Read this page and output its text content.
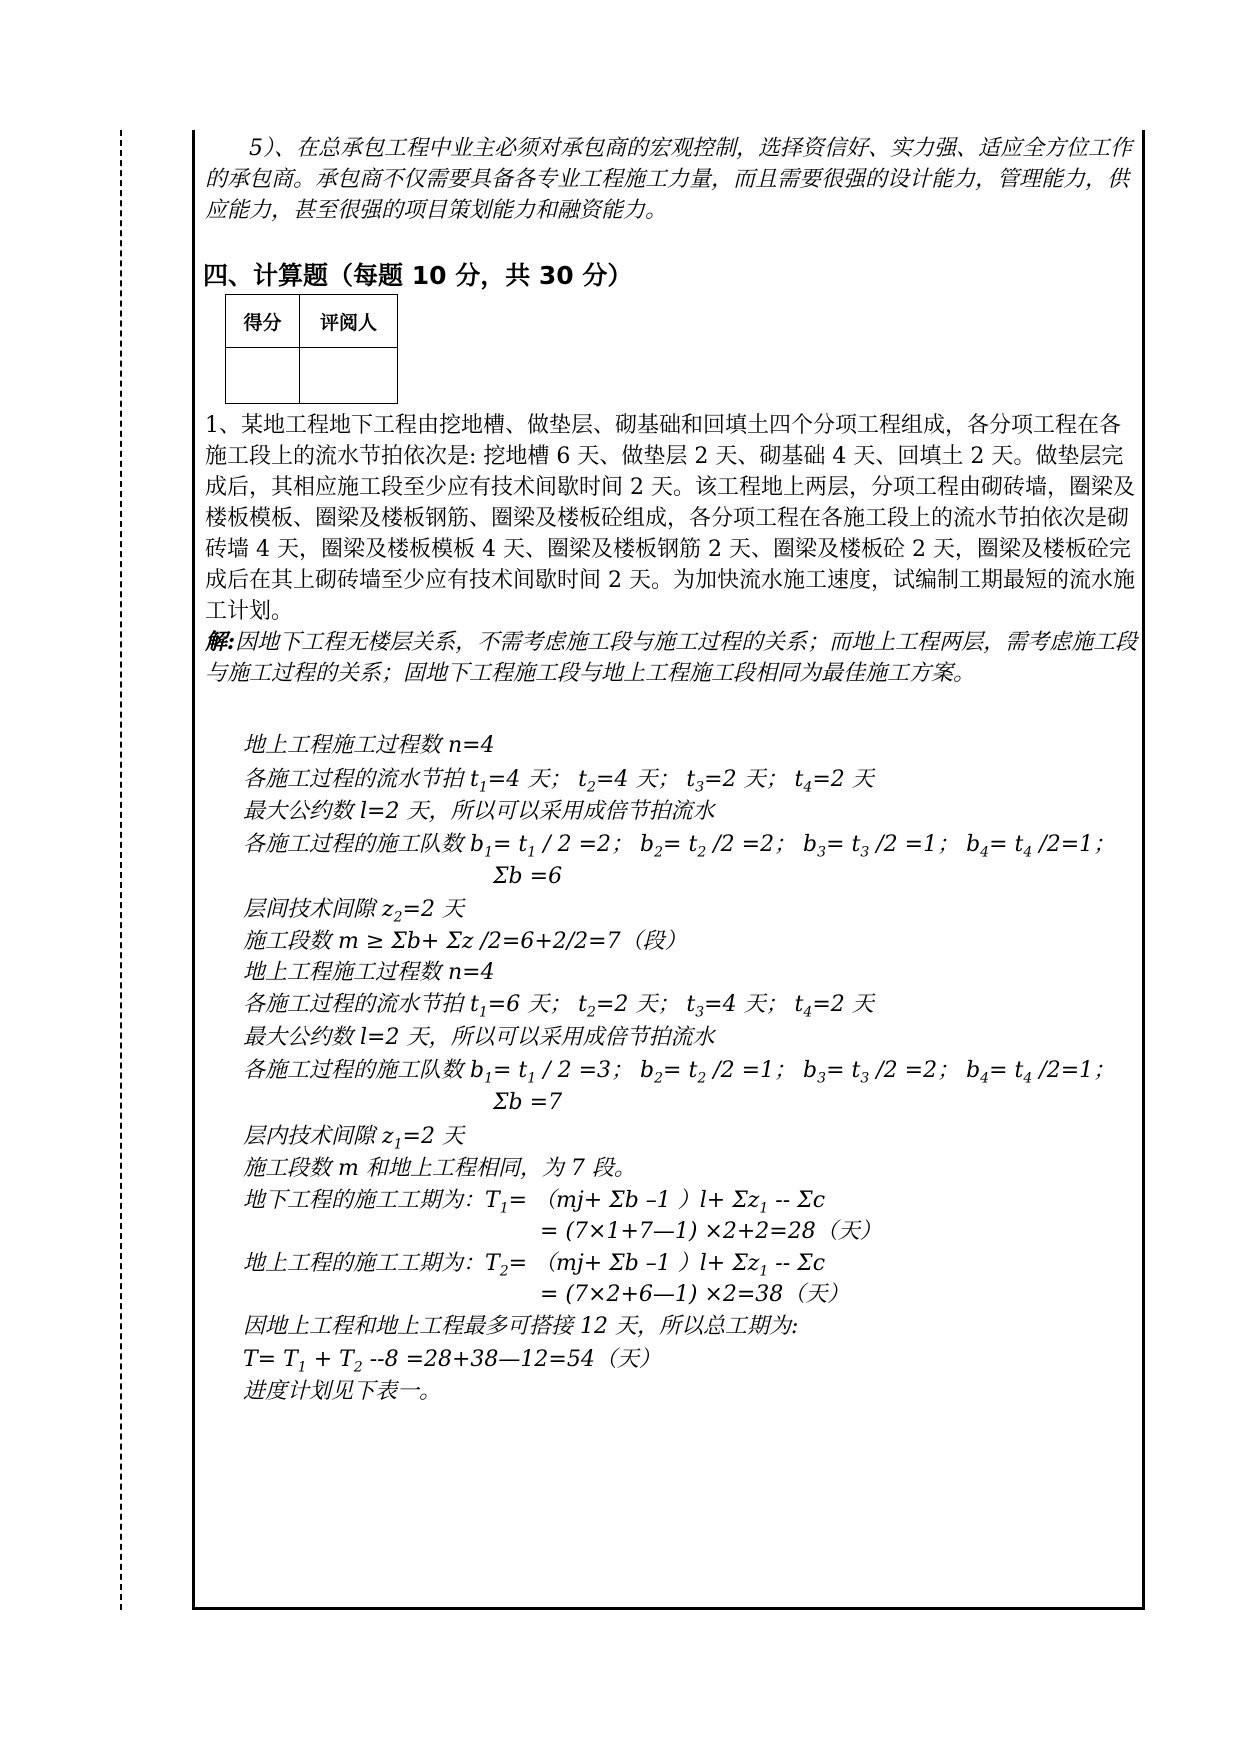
5）、在总承包工程中业主必须对承包商的宏观控制，选择资信好、实力强、适应全方位工作的承包商。承包商不仅需要具备各专业工程施工力量，而且需要很强的设计能力，管理能力，供应能力，甚至很强的项目策划能力和融资能力。

四、计算题（每题 10 分，共 30 分）
得分	评阅人

1、某地工程地下工程由挖地槽、做垫层、砌基础和回填土四个分项工程组成，各分项工程在各施工段上的流水节拍依次是: 挖地槽 6 天、做垫层 2 天、砌基础 4 天、回填土 2 天。做垫层完成后，其相应施工段至少应有技术间歇时间 2 天。该工程地上两层，分项工程由砌砖墙，圈梁及楼板模板、圈梁及楼板钢筋、圈梁及楼板砼组成，各分项工程在各施工段上的流水节拍依次是砌砖墙 4 天，圈梁及楼板模板 4 天、圈梁及楼板钢筋 2 天、圈梁及楼板砼 2 天，圈梁及楼板砼完成后在其上砌砖墙至少应有技术间歇时间 2 天。为加快流水施工速度，试编制工期最短的流水施工计划。

解:因地下工程无楼层关系，不需考虑施工段与施工过程的关系；而地上工程两层，需考虑施工段与施工过程的关系；固地下工程施工段与地上工程施工段相同为最佳施工方案。

地上工程施工过程数 n=4

各施工过程的流水节拍 $t_1=4$ 天； $t_2=4$ 天； $t_3=2$ 天； $t_4=2$ 天

最大公约数 l=2 天，所以可以采用成倍节拍流水

各施工过程的施工队数 $b_1= t_1 / 2 =2$； $b_2= t_2$ /2 =2； $b_3= t_3$ /2 =1； $b_4= t_4$ /2=1；

Σb =6

层间技术间隙 $z_2=2$ 天

施工段数 m ≥ Σb+ Σz /2=6+2/2=7（段）

地上工程施工过程数 n=4

各施工过程的流水节拍 $t_1=6$ 天； $t_2=2$ 天； $t_3=4$ 天； $t_4=2$ 天

最大公约数 l=2 天，所以可以采用成倍节拍流水

各施工过程的施工队数 $b_1= t_1 / 2 =3$； $b_2= t_2$ /2 =1； $b_3= t_3$ /2 =2； $b_4= t_4$ /2=1；

Σb =7

层内技术间隙 $z_1=2$ 天

施工段数 m 和地上工程相同，为 7 段。

地下工程的施工工期为：$T_1= (mj+ \Sigma b$ –1 ）$l+ \Sigma z_1 -- \Sigma c$

= (7×1+7—1) ×2+2=28（天）

地上工程的施工工期为：$T_2= (mj+ \Sigma b$ –1 ）$l+ \Sigma z_1 -- \Sigma c$

= (7×2+6—1) ×2=38（天）

因地上工程和地上工程最多可搭接 12 天，所以总工期为:

$T= T_1 + T_2$ --8 =28+38—12=54（天）

进度计划见下表一。
